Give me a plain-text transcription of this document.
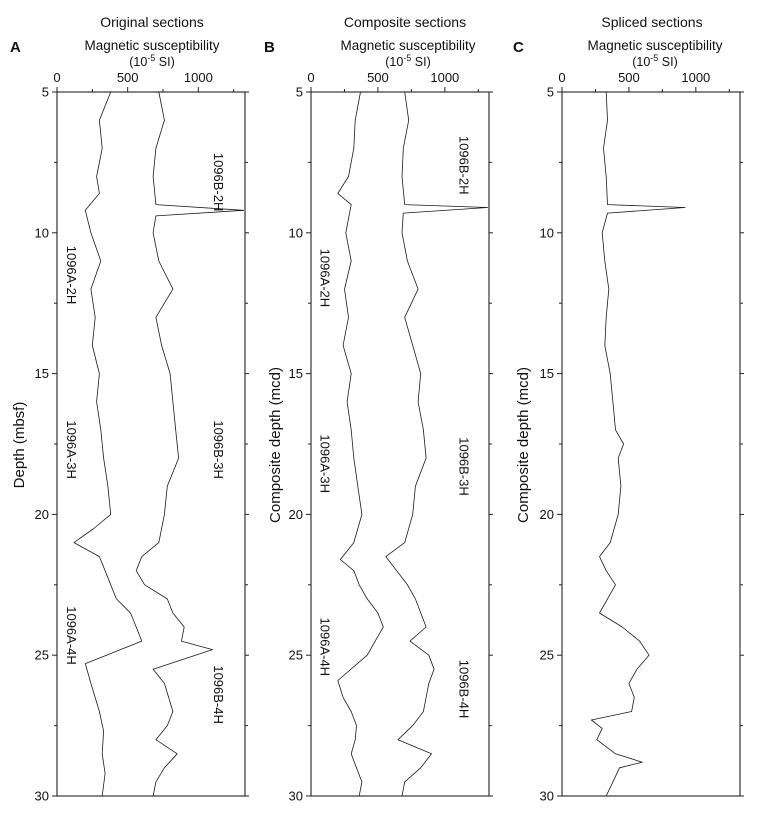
A
Original sections
Magnetic susceptibility
($10^{-5}$ SI)
Depth (mbsf)
0	500	1000
5
10
15
20
25
30
1096B-2H
1096A-2H
1096A-3H	1096B-3H
1096A-4H
1096B-4H
B
Composite sections
Magnetic susceptibility
($10^{-5}$ SI)
Composite depth (mcd)
0	500	1000
5
10
15
20
25
30
1096B-2H
1096A-2H
1096A-3H	1096B-3H
1096A-4H
1096B-4H
C
Spliced sections
Magnetic susceptibility
($10^{-5}$ SI)
Composite depth (mcd)
0	500	1000
5
10
15
20
25
30
